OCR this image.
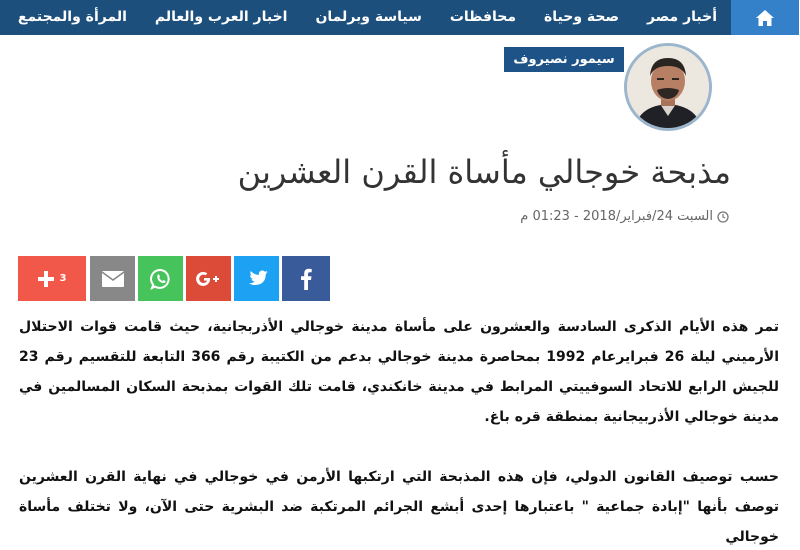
أخبار مصر
صحة وحياة
محافظات
سياسة وبرلمان
اخبار العرب والعالم
المرأة والمجتمع
سيمور نصيروف
مذبحة خوجالي مأساة القرن العشرين
السبت 24/فبراير/2018 - 01:23 م
3

تمر هذه الأيام الذكرى السادسة والعشرون على مأساة مدينة خوجالي الأذربجانية، حيث قامت قوات الاحتلال الأرميني ليلة 26 فبرايرعام 1992 بمحاصرة مدينة خوجالي بدعم من الكتيبة رقم 366 التابعة للتقسيم رقم 23 للجيش الرابع للاتحاد السوفييتي المرابط في مدينة خانكندي، قامت تلك القوات بمذبحة السكان المسالمين في مدينة خوجالي الأذربيجانية بمنطقة قره باغ.

حسب توصيف القانون الدولي، فإن هذه المذبحة التي ارتكبها الأرمن في خوجالي في نهاية القرن العشرين توصف بأنها "إبادة جماعية " باعتبارها إحدى أبشع الجرائم المرتكبة ضد البشرية حتى الآن، ولا تختلف مأساة خوجالي
